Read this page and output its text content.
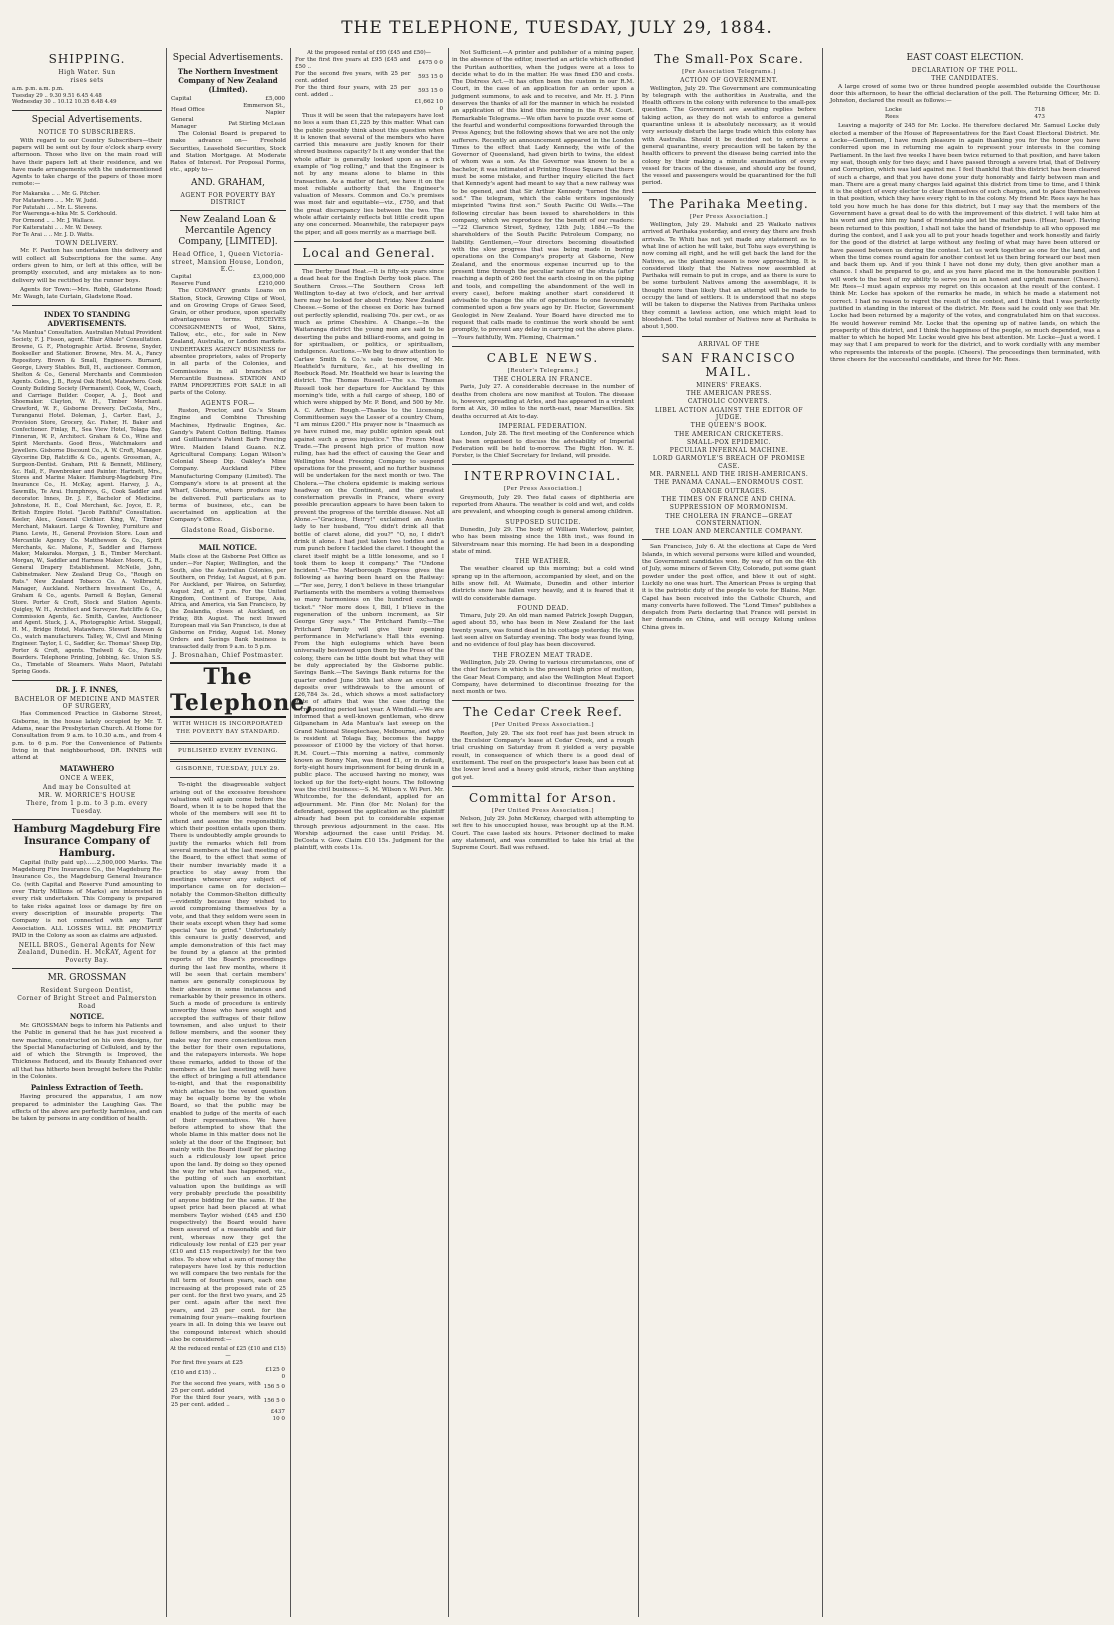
THE TELEPHONE, TUESDAY, JULY 29, 1884.
SHIPPING.
High Water. Sun
rises sets
a.m. p.m. a.m. p.m.
Tuesday 29 .. 9.30 9.51 6.45 4.48
Wednesday 30 .. 10.12 10.35 6.48 4.49
Special Advertisements.
NOTICE TO SUBSCRIBERS.

With regard to our Country Subscribers—their papers will be sent out by four o'clock sharp every afternoon. Those who live on the main road will have their papers left at their residence, and we have made arrangements with the undermentioned Agents to take charge of the papers of those more remote:—

For Makaraka .. .. Mr. G. Pitcher.
For Matawhero .. .. Mr. W. Judd.
For Patutahi .. .. Mr. L. Stevens.
For Waerenga-a-hika Mr. S. Corkhould.
For Ormond .. .. Mr. J. Wallace.
For Kaiteratahi .. .. Mr. W. Dewey.
For Te Arai .. .. Mr. J. D. Watts.
TOWN DELIVERY.

Mr. F. Paxton has undertaken this delivery and will collect all Subscriptions for the same. Any orders given to him, or left at this office, will be promptly executed, and any mistakes as to non-delivery will be rectified by the runner boys.

Agents for Town:—Mrs. Robb, Gladstone Road; Mr. Waugh, late Curtain, Gladstone Road.

INDEX TO STANDING ADVERTISEMENTS.
"As Mantua" Consultation. Australian Mutual Provident Society, F. J. Fisson, agent. "Blair Athole" Consultation. Browne, G. F., Photographic Artist. Browne, Snyder, Bookseller and Stationer. Browne, Mrs. M. A., Fancy Repository. Brown & Small, Engineers. Burnard, George, Livery Stables. Bull, H., auctioneer. Common, Shelton & Co., General Merchants and Commission Agents. Coles, J. B., Royal Oak Hotel, Matawhero. Cook County Building Society (Permanent). Cook, W., Coach, and Carriage Builder. Cooper, A. J., Boot and Shoemaker. Clayton, W. H., Timber Merchant. Crawford, W. F., Gisborne Drewery. DeCosta, Mrs., Turanganui Hotel. Doleman, J., Carter. East, J., Provision Store, Grocery, &c. Fisher, H. Baker and Confectioner. Finlay, R., Sea View Hotel, Tolaga Bay. Finneran, W. P., Architect. Graham & Co., Wine and Spirit Merchants. Good Bros., Watchmakers and Jewellers. Gisborne Discount Co., A. W. Croft, Manager. Glycerine Dip, Ratcliffe & Co., agents. Grossman, A., Surgeon-Dentist. Graham, Pitt & Bennett, Millinery, &c. Hall, F., Pawnbroker and Painter. Hartnett, Mrs., Stores and Marine Maker. Hamburg-Magdeburg Fire Insurance Co., H. McKay, agent. Harvey, J. A., Sawmills, Te Arai. Humphreys, G., Cook Saddler and decorator. Innes, Dr. J. F., Bachelor of Medicine. Johnstone, H. E., Coal Merchant, &c. Joyce, E. P., British Empire Hotel. "Jacob Faithful" Consultation. Keeler, Alex., General Clothier. King, W., Timber Merchant, Makauri. Large & Townley, Furniture and Piano. Lewis, H., General Provision Store. Loan and Mercantile Agency Co. Matthewson & Co., Spirit Merchants, &c. Malone, F., Saddler and Harness Maker, Makaraka. Morgan, J. B., Timber Merchant. Morgan, W., Saddler and Harness Maker. Moore, G. R., General Drapery Establishment. McNeile, John, Cabinetmaker. New Zealand Drug Co., "Rough on Rats." New Zealand Tobacco Co. A. Vollbracht, Manager, Auckland. Northern Investment Co., A. Graham & Co., agents. Parnell & Boylan, General Store. Porter & Croft, Stock and Station Agents. Quigley, W. H., Architect and Surveyor. Ratcliffe & Co., Commission Agents, &c. Smith, Cawlee, Auctioneer and Agent. Stuck, J. A., Photographic Artist. Steggall, H. M., Bridge Hotel, Matawhero. Stewart Dawson & Co., watch manufacturers. Talley, W., Civil and Mining Engineer. Taylor, I. C., Saddler, &c. Thomas' Sheep Dip, Porter & Croft, agents. Thelwell & Co., Family Boarders. Telephone Printing, Jobbing, &c. Union S.S. Co., Timetable of Steamers. Wahs Maori, Patutahi Spring Goods.
DR. J. F. INNES,
BACHELOR OF MEDICINE AND MASTER OF SURGERY,

Has Commenced Practice in Gisborne Street, Gisborne, in the house lately occupied by Mr. T. Adams, near the Presbyterian Church. At Home for Consultation from 9 a.m. to 10.30 a.m., and from 4 p.m. to 6 p.m. For the Convenience of Patients living in that neighbourhood, DR. INNES will attend at

MATAWHERO
ONCE A WEEK,
And may be Consulted at
MR. W. MORRICE'S HOUSE
There, from 1 p.m. to 3 p.m. every Tuesday.
Hamburg Magdeburg Fire Insurance Company of Hamburg.

Capital (fully paid up)......2,500,000 Marks. The Magdeburg Fire Insurance Co., the Magdeburg Re-Insurance Co., the Magdeburg General Insurance Co. (with Capital and Reserve Fund amounting to over Thirty Millions of Marks) are interested in every risk undertaken. This Company is prepared to take risks against loss or damage by fire on every description of insurable property. The Company is not connected with any Tariff Association. ALL LOSSES WILL BE PROMPTLY PAID in the Colony as soon as claims are adjusted.

NEILL BROS., General Agents for New Zealand, Dunedin. H. McKAY, Agent for Poverty Bay.
MR. GROSSMAN
Resident Surgeon Dentist,
Corner of Bright Street and Palmerston Road
NOTICE.

Mr. GROSSMAN begs to inform his Patients and the Public in general that he has just received a new machine, constructed on his own designs, for the Special Manufacturing of Celluloid, and by the aid of which the Strength is Improved, the Thickness Reduced, and its Beauty Enhanced over all that has hitherto been brought before the Public in the Colonies.

Painless Extraction of Teeth.

Having procured the apparatus, I am now prepared to administer the Laughing Gas. The effects of the above are perfectly harmless, and can be taken by persons in any condition of health.

Special Advertisements.
The Northern Investment Company of New Zealand (Limited).
Capital	£5,000
Head Office	Emmerson St., Napier
General Manager	Pat Stirling McLean

The Colonial Board is prepared to make advance on— Freehold Securities, Leasehold Securities, Stock and Station Mortgage. At Moderate Rates of Interest. For Proposal Forms, etc., apply to—

AND. GRAHAM,
AGENT FOR POVERTY BAY DISTRICT
New Zealand Loan & Mercantile Agency Company, [LIMITED].
Head Office, 1, Queen Victoria-street, Mansion House, London, E.C.
Capital	£3,000,000
Reserve Fund	£210,000

The COMPANY grants Loans on Station, Stock, Growing Clips of Wool, and on Growing Crops of Grass Seed, Grain, or other produce, upon specially advantageous terms. RECEIVES CONSIGNMENTS of Wool, Skins, Tallow, etc., etc., for sale in New Zealand, Australia, or London markets. UNDERTAKES AGENCY BUSINESS for absentee proprietors, sales of Property in all parts of the Colonies, and Commissions in all branches of Mercantile Business. STATION AND FARM PROPERTIES FOR SALE in all parts of the Colony.

AGENTS FOR—

Ruston, Proctor, and Co.'s Steam Engine and Combine Threshing Machines, Hydraulic Engines, &c. Gandy's Patent Cotton Belting. Haines and Guilliamme's Patent Barb Fencing Wire. Maiden Island Guano. N.Z. Agricultural Company. Logan Wilson's Colonial Sheep Dip. Oakley's Mine Company. Auckland Fibre Manufacturing Company (Limited). The Company's store is at present at the Wharf, Gisborne, where produce may be delivered. Full particulars as to terms of business, etc., can be ascertained on application at the Company's Office.

Gladstone Road, Gisborne.
MAIL NOTICE.
Mails close at the Gisborne Post Office as under:—For Napier, Wellington, and the South, also the Australian Colonies, per Southern, on Friday, 1st August, at 6 p.m. For Auckland, per Wairoa, on Saturday, August 2nd, at 7 p.m. For the United Kingdom, Continent of Europe, Asia, Africa, and America, via San Francisco, by the Zealandia, closes at Auckland, on Friday, 8th August. The next Inward European mail via San Francisco, is due at Gisborne on Friday, August 1st. Money Orders and Savings Bank business is transacted daily from 9 a.m. to 5 p.m.
J. Brosnahan, Chief Postmaster.
The Telephone,
WITH WHICH IS INCORPORATED
THE POVERTY BAY STANDARD.
PUBLISHED EVERY EVENING.
GISBORNE, TUESDAY, JULY 29.

To-night the disagreeable subject arising out of the excessive foreshore valuations will again come before the Board, when it is to be hoped that the whole of the members will see fit to attend and assume the responsibility which their position entails upon them. There is undoubtedly ample grounds to justify the remarks which fell from several members at the last meeting of the Board, to the effect that some of their number invariably made it a practice to stay away from the meetings whenever any subject of importance came on for decision—notably the Common-Shelton difficulty—evidently because they wished to avoid compromising themselves by a vote, and that they seldom were seen in their seats except when they had some special "axe to grind." Unfortunately this censure is justly deserved, and ample demonstration of this fact may be found by a glance at the printed reports of the Board's proceedings during the last few months, where it will be seen that certain members' names are generally conspicuous by their absence in some instances and remarkable by their presence in others. Such a mode of procedure is entirely unworthy those who have sought and accepted the suffrages of their fellow townsmen, and also unjust to their fellow members, and the sooner they make way for more conscientious men the better for their own reputations, and the ratepayers interests. We hope these remarks, added to those of the members at the last meeting will have the effect of bringing a full attendance to-night, and that the responsibility which attaches to the vexed question may be equally borne by the whole Board, so that the public may be enabled to judge of the merits of each of their representatives. We have before attempted to show that the whole blame in this matter does not lie solely at the door of the Engineer, but mainly with the Board itself for placing such a ridiculously low upset price upon the land. By doing so they opened the way for what has happened, viz., the putting of such an exorbitant valuation upon the buildings as will very probably preclude the possibility of anyone bidding for the same. If the upset price had been placed at what members Taylor wished (£45 and £50 respectively) the Board would have been assured of a reasonable and fair rent, whereas now they get the ridiculously low rental of £25 per year (£10 and £15 respectively) for the two sites. To show what a sum of money the ratepayers have lost by this reduction we will compare the two rentals for the full term of fourteen years, each one increasing at the proposed rate of 25 per cent. for the first two years, and 25 per cent. again after the next five years, and 25 per cent. for the remaining four years—making fourteen years in all. In doing this we leave out the compound interest which should also be considered:—

At the reduced rental of £25 (£10 and £15)—
For first five years at £25	
(£10 and £15) ..	£125 0 0
For the second five years, with 25 per cent. added	156 5 0
For the third four years, with 25 per cent. added ..	156 5 0
	£437 10 0
At the proposed rental of £95 (£45 and £50)—
For the first five years at £95 (£45 and £50 ..	£475 0 0
For the second five years, with 25 per cent. added	593 15 0
For the third four years, with 25 per cent. added ..	593 15 0
	£1,662 10 0

Thus it will be seen that the ratepayers have lost no less a sum than £1,225 by this matter. What can the public possibly think about this question when it is known that several of the members who have carried this measure are justly known for their shrewd business capacity? Is it any wonder that the whole affair is generally looked upon as a rich example of "log rolling," and that the Engineer is not by any means alone to blame in this transaction. As a matter of fact, we have it on the most reliable authority that the Engineer's valuation of Messrs. Common and Co.'s premises was most fair and equitable—viz., £750, and that the great discrepancy lies between the two. The whole affair certainly reflects but little credit upon any one concerned. Meanwhile, the ratepayer pays the piper, and all goes merrily as a marriage bell.

Local and General.

The Derby Dead Heat.—It is fifty-six years since a dead heat for the English Derby took place. The Southern Cross.—The Southern Cross left Wellington to-day at two o'clock, and her arrival here may be looked for about Friday. New Zealand Cheese.—Some of the cheese ex Doric has turned out perfectly splendid, realising 70s. per cwt., or as much as prime Cheshire. A Change.—In the Waitaranga district the young men are said to be deserting the pubs and billiard-rooms, and going in for spiritualism, or politics, or spiritualism, indulgence. Auctions.—We beg to draw attention to Carlaw Smith & Co.'s sale to-morrow, of Mr. Heatfield's furniture, &c., at his dwelling in Roebuck Road. Mr. Heatfield we hear is leaving the district. The Thomas Russell.—The s.s. Thomas Russell took her departure for Auckland by this morning's tide, with a full cargo of sheep, 180 of which were shipped by Mr. P. Bond, and 500 by Mr. A. C. Arthur. Rough.—Thanks to the Licensing Committeemen says the Lesser of a country Chum, "I am minus £200." His prayer now is "Inasmuch as ye have ruined me, may public opinion speak out against such a gross injustice." The Frozen Meat Trade.—The present high price of mutton now ruling, has had the effect of causing the Gear and Wellington Meat Freezing Company to suspend operations for the present, and no further business will be undertaken for the next month or two. The Cholera.—The cholera epidemic is making serious headway on the Continent, and the greatest consternation prevails in France, where every possible precaution appears to have been taken to prevent the progress of the terrible disease. Not all Alone.—"Gracious, Henry!" exclaimed an Austin lady to her husband, "You didn't drink all that bottle of claret alone, did you?" "O, no, I didn't drink it alone. I had just taken two toddies and a rum punch before I tackled the claret. I thought the claret itself might be a little lonesome, and so I took them to keep it company." The "Undone Incident."—The Marlborough Express gives the following as having been heard on the Railway:—"Ter see, Jerry, I don't believe in these triangular Parliaments with the members a voting themselves so many harmonious on the hundred exchange ticket." "Nor more does I, Bill, I b'lieve in the regeneration of the unborn increment, as Sir George Grey says." The Pritchard Family.—The Pritchard Family will give their opening performance in McFarlane's Hall this evening. From the high eulogiums which have been universally bestowed upon them by the Press of the colony, there can be little doubt but what they will be duly appreciated by the Gisborne public. Savings Bank.—The Savings Bank returns for the quarter ended June 30th last show an excess of deposits over withdrawals to the amount of £26,784 3s. 2d., which shows a most satisfactory state of affairs that was the case during the corresponding period last year. A Windfall.—We are informed that a well-known gentleman, who drew Gilpaneham in Ada Mantua's last sweep on the Grand National Steeplechase, Melbourne, and who is resident at Tolaga Bay, becomes the happy possessor of £1000 by the victory of that horse. R.M. Court.—This morning a native, commonly known as Bonny Nan, was fined £1, or in default, forty-eight hours imprisonment for being drunk in a public place. The accused having no money, was locked up for the forty-eight hours. The following was the civil business:—S. M. Wilson v. Wi Peri. Mr. Whitcombe, for the defendant, applied for an adjournment. Mr. Finn (for Mr. Nolan) for the defendant, opposed the application as the plaintiff already had been put to considerable expense through previous adjournment in the case. His Worship adjourned the case until Friday. M. DeCosta v. Gow. Claim £10 15s. Judgment for the plaintiff, with costs 11s.

Not Sufficient.—A printer and publisher of a mining paper, in the absence of the editor, inserted an article which offended the Puritan authorities, when the judges were at a loss to decide what to do in the matter. He was fined £50 and costs. The Distress Act.—It has often been the custom in our R.M. Court, in the case of an application for an order upon a judgment summons, to ask and to receive, and Mr. H. J. Finn deserves the thanks of all for the manner in which he resisted an application of this kind this morning in the R.M. Court. Remarkable Telegrams.—We often have to puzzle over some of the fearful and wonderful compositions forwarded through the Press Agency, but the following shows that we are not the only sufferers. Recently an announcement appeared in the London Times to the effect that Lady Kennedy, the wife of the Governor of Queensland, had given birth to twins, the eldest of whom was a son. As the Governor was known to be a bachelor, it was intimated at Printing House Square that there must be some mistake, and further inquiry elicited the fact that Kennedy's agent had meant to say that a new railway was to be opened, and that Sir Arthur Kennedy "turned the first sod." The telegram, which the cable writers ingeniously misprinted "twins first son." South Pacific Oil Wells.—The following circular has been issued to shareholders in this company, which we reproduce for the benefit of our readers:—"22 Clarence Street, Sydney, 12th July, 1884.—To the shareholders of the South Pacific Petroleum Company, no liability. Gentlemen,—Your directors becoming dissatisfied with the slow progress that was being made in boring operations on the Company's property at Gisborne, New Zealand, and the enormous expense incurred up to the present time through the peculiar nature of the strata (after reaching a depth of 260 feet the earth closing in on the piping and tools, and compelling the abandonment of the well in every case), before making another start considered it advisable to change the site of operations to one favourably commented upon a few years ago by Dr. Hector, Government Geologist in New Zealand. Your Board have directed me to request that calls made to continue the work should be sent promptly, to prevent any delay in carrying out the above plans.—Yours faithfully, Wm. Fleming, Chairman."

CABLE NEWS.
[Reuter's Telegrams.]
THE CHOLERA IN FRANCE.

Paris, July 27. A considerable decrease in the number of deaths from cholera are now manifest at Toulon. The disease is, however, spreading at Arles, and has appeared in a virulent form at Aix, 30 miles to the north-east, near Marseilles. Six deaths occurred at Aix to-day.

IMPERIAL FEDERATION.

London, July 28. The first meeting of the Conference which has been organised to discuss the advisability of Imperial Federation will be held to-morrow. The Right Hon. W. E. Forster, is the Chief Secretary for Ireland, will preside.

INTERPROVINCIAL.
[Per Press Association.]

Greymouth, July 29. Two fatal cases of diphtheria are reported from Ahaura. The weather is cold and wet, and colds are prevalent, and whooping cough is general among children.

SUPPOSED SUICIDE.

Dunedin, July 29. The body of William Waterlow, painter, who has been missing since the 18th inst., was found in Silverstream near this morning. He had been in a desponding state of mind.

THE WEATHER.

The weather cleared up this morning; but a cold wind sprang up in the afternoon, accompanied by sleet, and on the hills snow fell. At Waimate, Dunedin and other interior districts snow has fallen very heavily, and it is feared that it will do considerable damage.

FOUND DEAD.

Timaru, July 29. An old man named Patrick Joseph Duggan, aged about 55, who has been in New Zealand for the last twenty years, was found dead in his cottage yesterday. He was last seen alive on Saturday evening. The body was found lying, and no evidence of foul play has been discovered.

THE FROZEN MEAT TRADE.

Wellington, July 29. Owing to various circumstances, one of the chief factors in which is the present high price of mutton, the Gear Meat Company, and also the Wellington Meat Export Company, have determined to discontinue freezing for the next month or two.

The Cedar Creek Reef.
[Per United Press Association.]

Reefton, July 29. The six foot reef has just been struck in the Excelsior Company's lease at Cedar Creek, and a rough trial crushing on Saturday from it yielded a very payable result, in consequence of which there is a good deal of excitement. The reef on the prospector's lease has been cut at the lower level and a heavy gold struck, richer than anything got yet.

Committal for Arson.
[Per United Press Association.]

Nelson, July 29. John McKenzy, charged with attempting to set fire to his unoccupied house, was brought up at the R.M. Court. The case lasted six hours. Prisoner declined to make any statement, and was committed to take his trial at the Supreme Court. Bail was refused.

The Small-Pox Scare.
[Per Association Telegrams.]
ACTION OF GOVERNMENT.

Wellington, July 29. The Government are communicating by telegraph with the authorities in Australia, and the Health officers in the colony with reference to the small-pox question. The Government are awaiting replies before taking action, as they do not wish to enforce a general quarantine unless it is absolutely necessary, as it would very seriously disturb the large trade which this colony has with Australia. Should it be decided not to enforce a general quarantine, every precaution will be taken by the health officers to prevent the disease being carried into the colony by their making a minute examination of every vessel for traces of the disease, and should any be found, the vessel and passengers would be quarantined for the full period.

The Parihaka Meeting.
[Per Press Association.]

Wellington, July 29. Mahuki and 25 Waikato natives arrived at Parihaka yesterday, and every day there are fresh arrivals. Te Whiti has not yet made any statement as to what line of action he will take, but Tohu says everything is now coming all right, and he will get back the land for the Natives, as the planting season is now approaching. It is considered likely that the Natives now assembled at Parihaka will remain to put in crops, and as there is sure to be some turbulent Natives among the assemblage, it is thought more than likely that an attempt will be made to occupy the land of settlers. It is understood that no steps will be taken to disperse the Natives from Parihaka unless they commit a lawless action, one which might lead to bloodshed. The total number of Natives now at Parihaka is about 1,500.

ARRIVAL OF THE
SAN FRANCISCO MAIL.
MINERS' FREAKS.
THE AMERICAN PRESS.
CATHOLIC CONVERTS.
LIBEL ACTION AGAINST THE EDITOR OF JUDGE.
THE QUEEN'S BOOK.
THE AMERICAN CRICKETERS.
SMALL-POX EPIDEMIC.
PECULIAR INFERNAL MACHINE.
LORD GARMOYLE'S BREACH OF PROMISE CASE.
MR. PARNELL AND THE IRISH-AMERICANS.
THE PANAMA CANAL—ENORMOUS COST.
ORANGE OUTRAGES.
THE TIMES ON FRANCE AND CHINA.
SUPPRESSION OF MORMONISM.
THE CHOLERA IN FRANCE—GREAT CONSTERNATION.
THE LOAN AND MERCANTILE COMPANY.

San Francisco, July 6. At the elections at Cape de Verd Islands, in which several persons were killed and wounded, the Government candidates won. By way of fun on the 4th of July, some miners of Seven City, Colorado, put some giant powder under the post office, and blew it out of sight. Luckily no one was hurt. The American Press is urging that it is the patriotic duty of the people to vote for Blaine. Mgr. Capel has been received into the Catholic Church, and many converts have followed. The "Lond Times" publishes a despatch from Paris declaring that France will persist in her demands on China, and will occupy Kelung unless China gives in.

EAST COAST ELECTION.
DECLARATION OF THE POLL.
THE CANDIDATES.

A large crowd of some two or three hundred people assembled outside the Courthouse door this afternoon, to hear the official declaration of the poll. The Returning Officer, Mr. D. Johnston, declared the result as follows:—

Locke	718
Rees	473

Leaving a majority of 245 for Mr. Locke. He therefore declared Mr. Samuel Locke duly elected a member of the House of Representatives for the East Coast Electoral District. Mr. Locke—Gentlemen, I have much pleasure in again thanking you for the honor you have conferred upon me in returning me again to represent your interests in the coming Parliament. In the last five weeks I have been twice returned to that position, and have taken my seat, though only for two days; and I have passed through a severe trial, that of Delivery and Corruption, which was laid against me. I feel thankful that this district has been cleared of such a charge, and that you have done your duty honorably and fairly between man and man. There are a great many charges laid against this district from time to time, and I think it is the object of every elector to clear themselves of such charges, and to place themselves in that position, which they have every right to in the colony. My friend Mr. Rees says he has told you how much he has done for this district, but I may say that the members of the Government have a great deal to do with the improvement of this district. I will take him at his word and give him my hand of friendship and let the matter pass. (Hear, hear). Having been returned to this position, I shall not take the hand of friendship to all who opposed me during the contest, and I ask you all to put your heads together and work honestly and fairly for the good of the district at large without any feeling of what may have been uttered or have passed between us during the contest. Let us work together as one for the land, and when the time comes round again for another contest let us then bring forward our best men and back them up. And if you think I have not done my duty, then give another man a chance. I shall be prepared to go, and as you have placed me in the honourable position I will work to the best of my ability to serve you in an honest and upright manner. (Cheers). Mr. Rees—I must again express my regret on this occasion at the result of the contest. I think Mr. Locke has spoken of the remarks he made, in which he made a statement not correct. I had no reason to regret the result of the contest, and I think that I was perfectly justified in standing in the interest of the district. Mr. Rees said he could only see that Mr. Locke had been returned by a majority of the votes, and congratulated him on that success. He would however remind Mr. Locke that the opening up of native lands, on which the prosperity of this district, and I think the happiness of the people, so much depended, was a matter to which he hoped Mr. Locke would give his best attention. Mr. Locke—Just a word. I may say that I am prepared to work for the district, and to work cordially with any member who represents the interests of the people. (Cheers). The proceedings then terminated, with three cheers for the successful candidate, and three for Mr. Rees.
